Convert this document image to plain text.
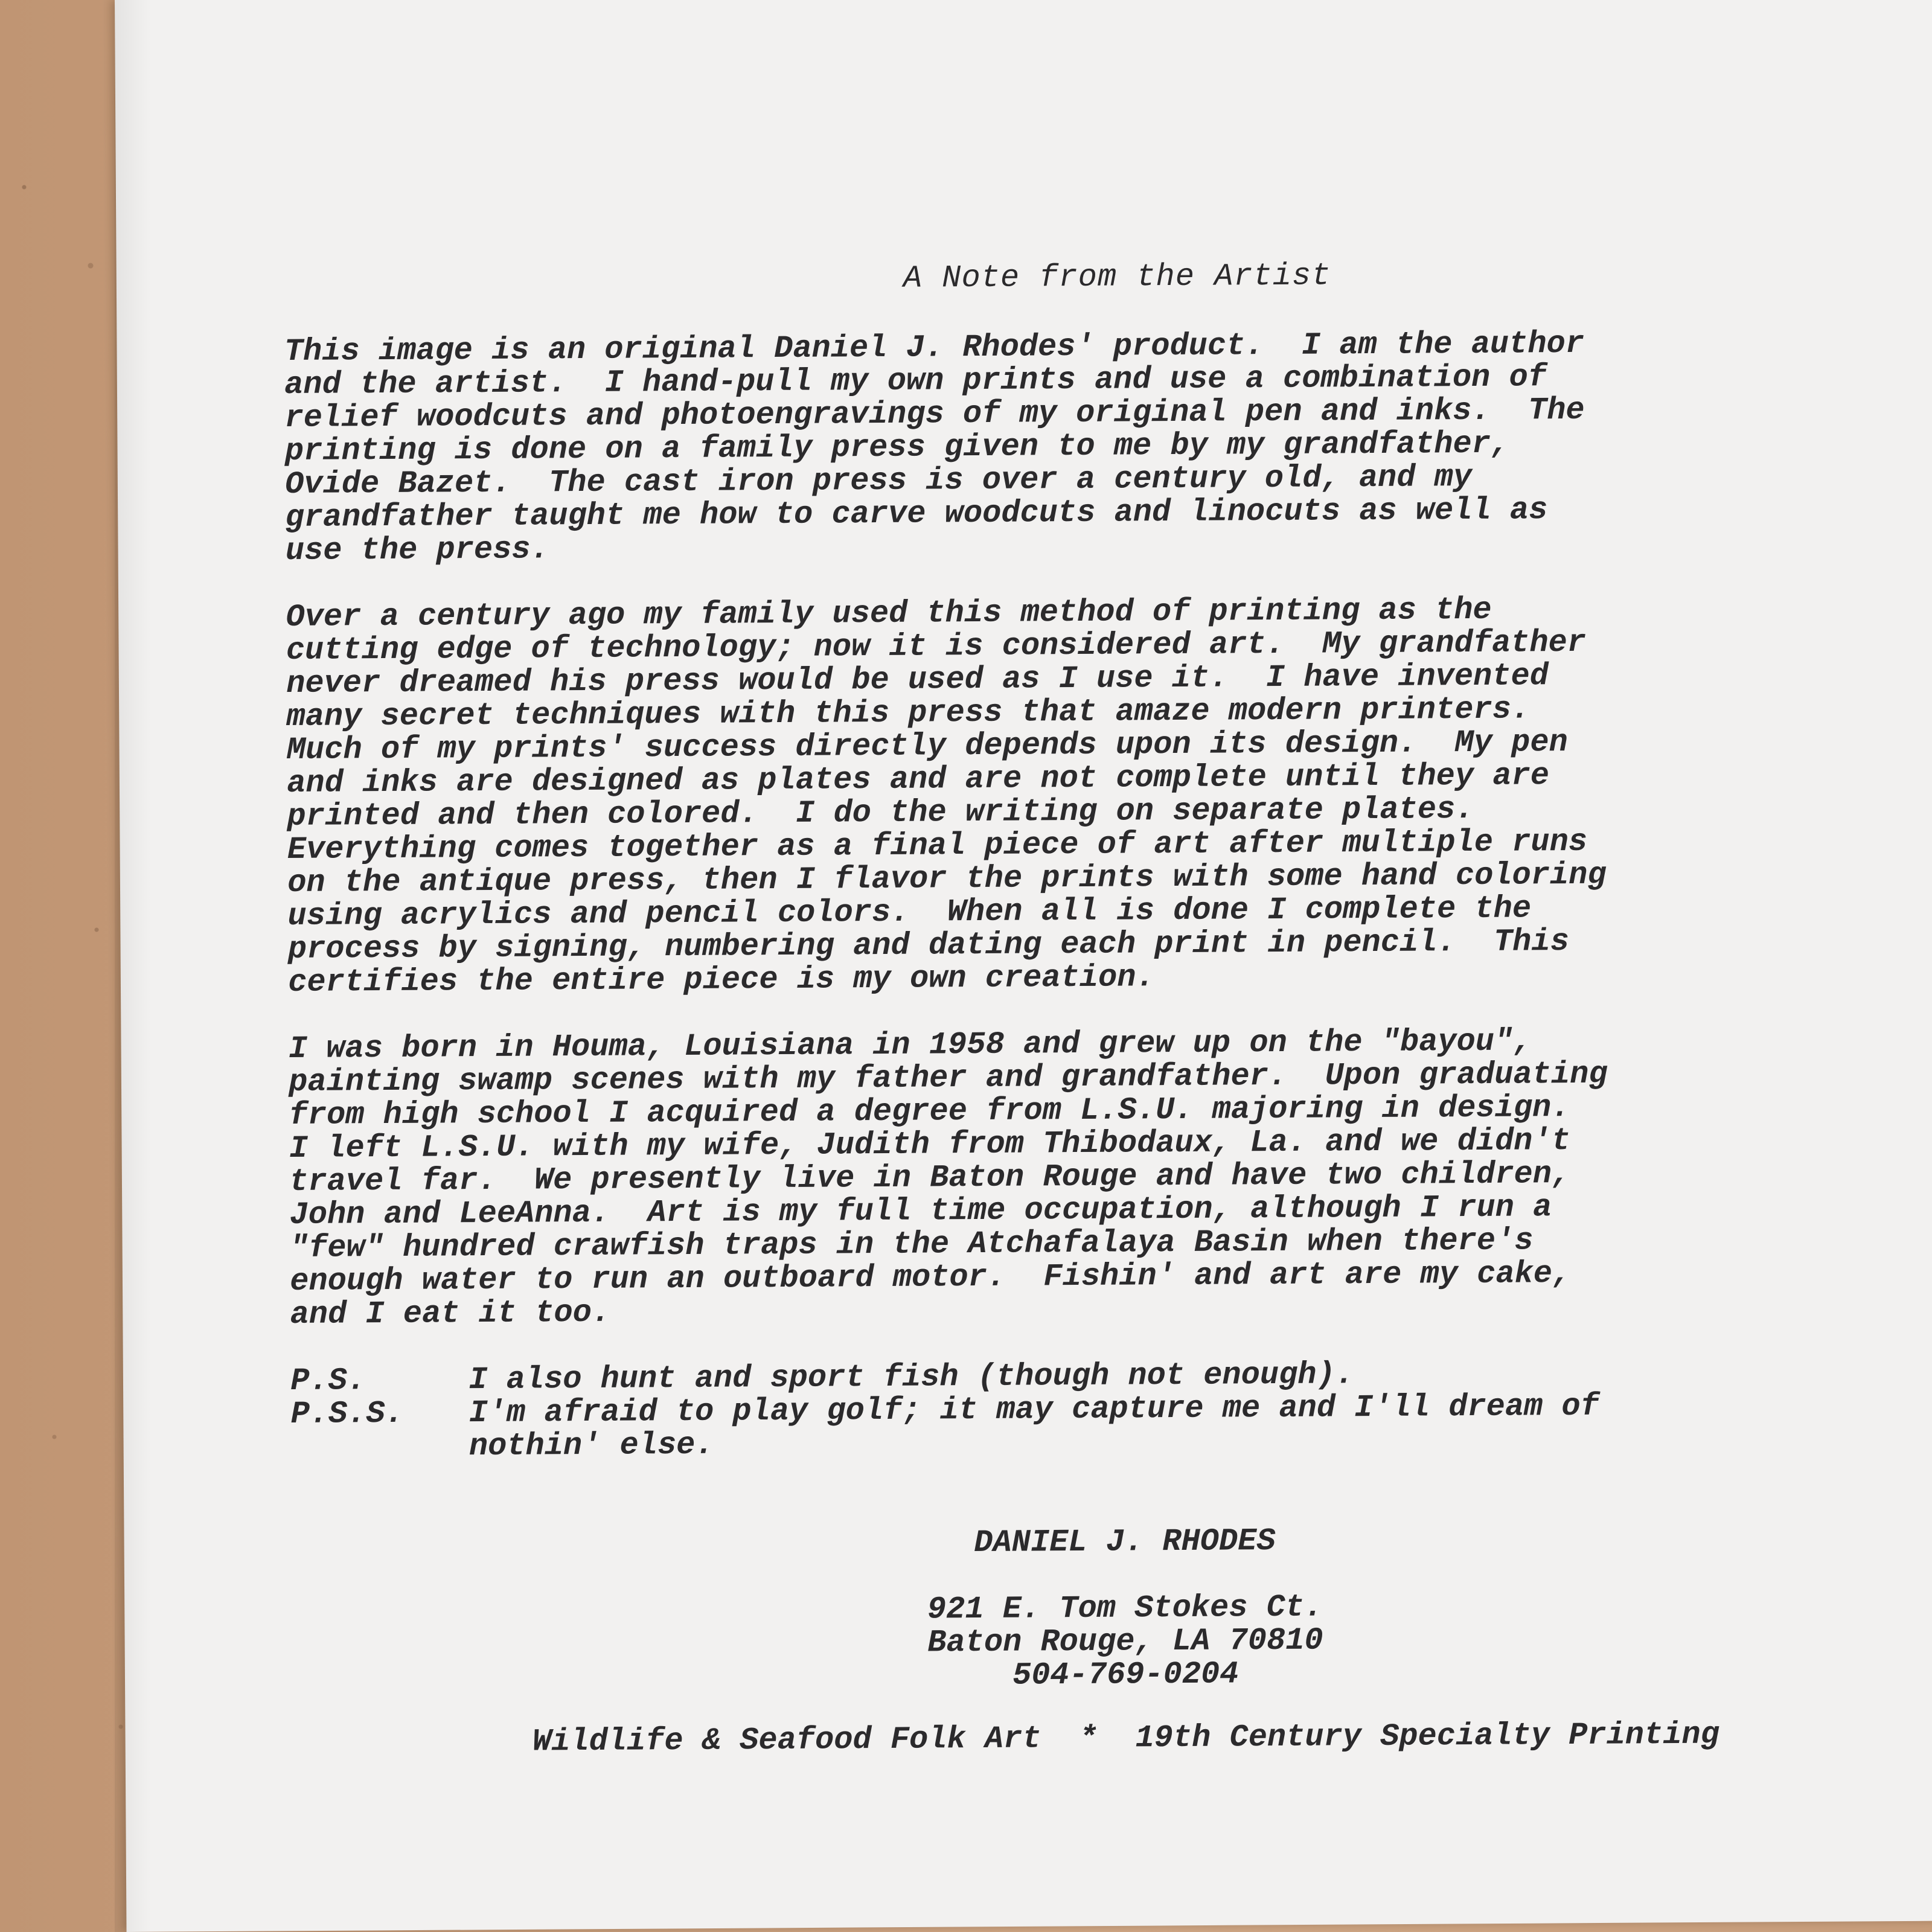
A Note from the Artist
This image is an original Daniel J. Rhodes' product.  I am the author
and the artist.  I hand-pull my own prints and use a combination of
relief woodcuts and photoengravings of my original pen and inks.  The
printing is done on a family press given to me by my grandfather,
Ovide Bazet.  The cast iron press is over a century old, and my
grandfather taught me how to carve woodcuts and linocuts as well as
use the press.
Over a century ago my family used this method of printing as the
cutting edge of technology; now it is considered art.  My grandfather
never dreamed his press would be used as I use it.  I have invented
many secret techniques with this press that amaze modern printers.
Much of my prints' success directly depends upon its design.  My pen
and inks are designed as plates and are not complete until they are
printed and then colored.  I do the writing on separate plates.
Everything comes together as a final piece of art after multiple runs
on the antique press, then I flavor the prints with some hand coloring
using acrylics and pencil colors.  When all is done I complete the
process by signing, numbering and dating each print in pencil.  This
certifies the entire piece is my own creation.
I was born in Houma, Louisiana in 1958 and grew up on the "bayou",
painting swamp scenes with my father and grandfather.  Upon graduating
from high school I acquired a degree from L.S.U. majoring in design.
I left L.S.U. with my wife, Judith from Thibodaux, La. and we didn't
travel far.  We presently live in Baton Rouge and have two children,
John and LeeAnna.  Art is my full time occupation, although I run a
"few" hundred crawfish traps in the Atchafalaya Basin when there's
enough water to run an outboard motor.  Fishin' and art are my cake,
and I eat it too.
P.S.	I also hunt and sport fish (though not enough).
P.S.S.	I'm afraid to play golf; it may capture me and I'll dream of
nothin' else.
DANIEL J. RHODES
921 E. Tom Stokes Ct.
Baton Rouge, LA 70810
504-769-0204
Wildlife & Seafood Folk Art  *  19th Century Specialty Printing
